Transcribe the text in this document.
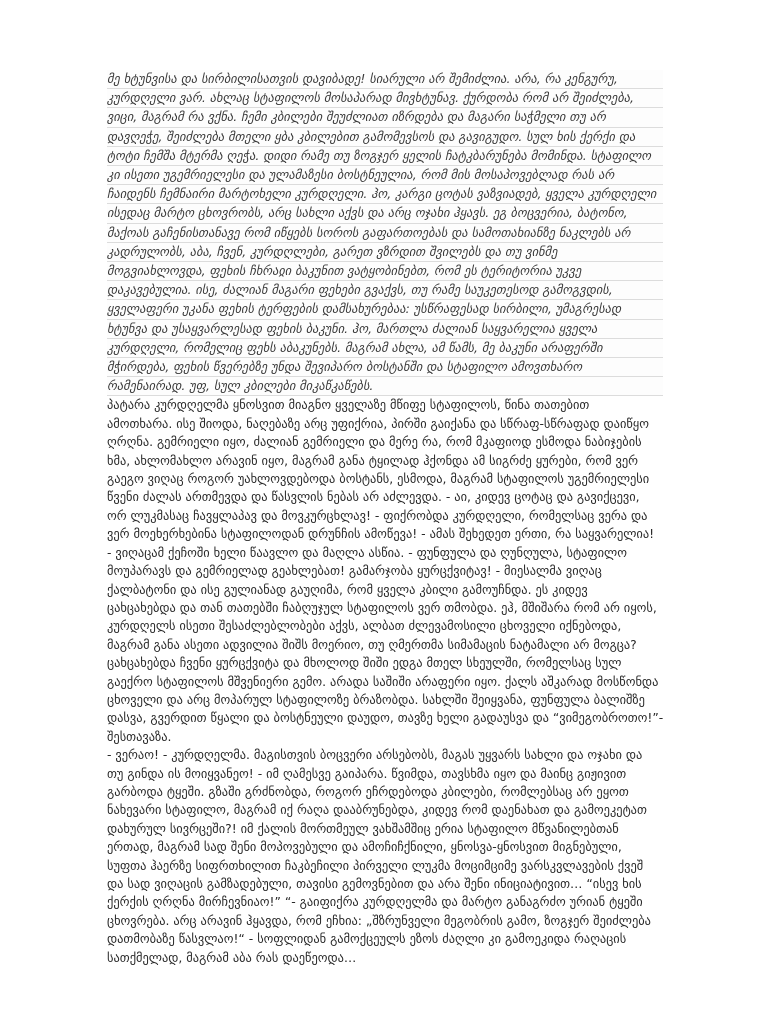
მე ხტუნვისა და სირბილისათვის დავიბადე! სიარული არ შემიძლია. არა, რა კენგურუ,
კურდღელი ვარ. ახლაც სტაფილოს მოსაპარად მივხტუნავ. ქურდობა რომ არ შეიძლება,
ვიცი, მაგრამ რა ვქნა. ჩემი კბილები შეუძლიათ იზრდება და მაგარი საჭმელი თუ არ
დავღეჭე, შეიძლება მთელი ყბა კბილებით გამომევსოს და გავიგუდო. სულ ხის ქერქი და
ტოტი ჩემშა მტერმა ღეჭა. დიდი რამე თუ ზოგჯერ ყელის ჩატკბარუნება მომინდა. სტაფილო
კი ისეთი უგემრიელესი და ულამაზესი ბოსტნეულია, რომ მის მოსაპოვებლად რას არ
ჩაიდენს ჩემნაირი მარტოხელი კურდღელი. ჰო, კარგი ცოტას ვაზვიადებ, ყველა კურდღელი
ისედაც მარტო ცხოვრობს, არც სახლი აქვს და არც ოჯახი ჰყავს. ეგ ბოცვერია, ბატონო,
მაქოას გაჩენისთანავე რომ იწყებს სოროს გაფართოებას და სამოთახიანზე ნაკლებს არ
კადრულობს, აბა, ჩვენ, კურდღლები, გარეთ ვზრდით შვილებს და თუ ვინმე
მოგვიახლოვდა, ფეხის ჩხრაჲი ბაკუნით ვატყობინებთ, რომ ეს ტერიტორია უკვე
დაკავებულია. ისე, ძალიან მაგარი ფეხები გვაქვს, თუ რამე საუკეთესოდ გამოგვდის,
ყველაფერი უკანა ფეხის ტერფების დამსახურებაა: უსწრაფესად სირბილი, უმაგრესად
ხტუნვა და უსაყვარლესად ფეხის ბაკუნი. ჰო, მართლა ძალიან საყვარელია ყველა
კურდღელი, რომელიც ფეხს აბაკუნებს. მაგრამ ახლა, ამ წამს, მე ბაკუნი არაფერში
მჭირდება, ფეხის წვერებზე უნდა შევიპარო ბოსტანში და სტაფილო ამოვთხარო
რამენაირად. უფ, სულ კბილები მიკაწკაწებს.
პატარა კურდღელმა ყნოსვით მიაგნო ყველაზე მწიფე სტაფილოს, წინა თათებით
ამოთხარა. ისე შიოდა, ნაღებაზე არც უფიქრია, პირში გაიქანა და სწრაფ-სწრაფად დაიწყო
ღრღნა. გემრიელი იყო, ძალიან გემრიელი და მერე რა, რომ მკაფიოდ ესმოდა ნაბიჯების
ხმა, ახლომახლო არავინ იყო, მაგრამ განა ტყილად ჰქონდა ამ სიგრძე ყურები, რომ ვერ
გაეგო ვიღაც როგორ უახლოვდებოდა ბოსტანს, ესმოდა, მაგრამ სტაფილოს უგემრიელესი
წვენი ძალას ართმევდა და წასვლის ნებას არ აძლევდა. - აი, კიდევ ცოტაც და გავიქცევი,
ორ ლუკმასაც ჩავყლაპავ და მოვკურცხლავ! - ფიქრობდა კურდღელი, რომელსაც ვერა და
ვერ მოეხერხებინა სტაფილოდან დრუნჩის ამოწევა! - ამას შეხედეთ ერთი, რა საყვარელია!
- ვიღაცამ ქეჩოში ხელი წაავლო და მაღლა ასწია. - ფუნფულა და ღუნღულა, სტაფილო
მოუპარავს და გემრიელად გეახლებათ! გამარჯობა ყურცქვიტავ! - მიესალმა ვიღაც
ქალბატონი და ისე გულიანად გაუღიმა, რომ ყველა კბილი გამოუჩნდა. ეს კიდევ
ცახცახებდა და თან თათებში ჩაბღუჯულ სტაფილოს ვერ თმობდა. ეჰ, მშიშარა რომ არ იყოს,
კურდღელს ისეთი შესაძლებლობები აქვს, ალბათ ძლევამოსილი ცხოველი იქნებოდა,
მაგრამ განა ასეთი ადვილია შიშს მოერიო, თუ ღმერთმა სიმამაცის ნატამალი არ მოგცა?
ცახცახებდა ჩვენი ყურცქვიტა და მხოლოდ შიში ედგა მთელ სხეულში, რომელსაც სულ
გაექრო სტაფილოს მშვენიერი გემო. არადა საშიში არაფერი იყო. ქალს აშკარად მოსწონდა
ცხოველი და არც მოპარულ სტაფილოზე ბრაზობდა. სახლში შეიყვანა, ფუნფულა ბალიშზე
დასვა, გვერდით წყალი და ბოსტნეული დაუდო, თავზე ხელი გადაუსვა და “ვიმეგობროთო!”-
შესთავაზა.
- ვერაო! - კურდღელმა. მაგისთვის ბოცვერი არსებობს, მაგას უყვარს სახლი და ოჯახი და
თუ გინდა ის მოიყვანეო! - იმ ღამესვე გაიპარა. წვიმდა, თავსხმა იყო და მაინც გიჟივით
გარბოდა ტყეში. გზაში გრძნობდა, როგორ ეჩრდებოდა კბილები, რომლებსაც არ ეყოთ
ნახევარი სტაფილო, მაგრამ იქ რაღა დააბრუნებდა, კიდევ რომ დაენახათ და გამოეკეტათ
დახურულ სივრცეში?! იმ ქალის მორთმეულ ვახშამშიც ერია სტაფილო მწვანილებთან
ერთად, მაგრამ სად შენი მოპოვებული და ამოჩიჩქნილი, ყნოსვა-ყნოსვით მიგნებული,
სუფთა ჰაერზე სიფრთხილით ჩაკბეჩილი პირველი ლუკმა მოციმციმე ვარსკვლავების ქვეშ
და სად ვიღაცის გამზადებული, თავისი გემოვნებით და არა შენი ინიციატივით… “ისევ ხის
ქერქის ღრღნა მირჩევნიაო!” “- გაიფიქრა კურდღელმა და მარტო განაგრძო ურიან ტყეში
ცხოვრება. არც არავინ ჰყავდა, რომ ეჩხია: „შზრუნველი მეგობრის გამო, ზოგჯერ შეიძლება
დათმობაზე წასვლაო!“ - სოფლიდან გამოქცეულს ეზოს ძაღლი კი გამოეკიდა რაღაცის
სათქმელად, მაგრამ აბა რას დაეწეოდა…
